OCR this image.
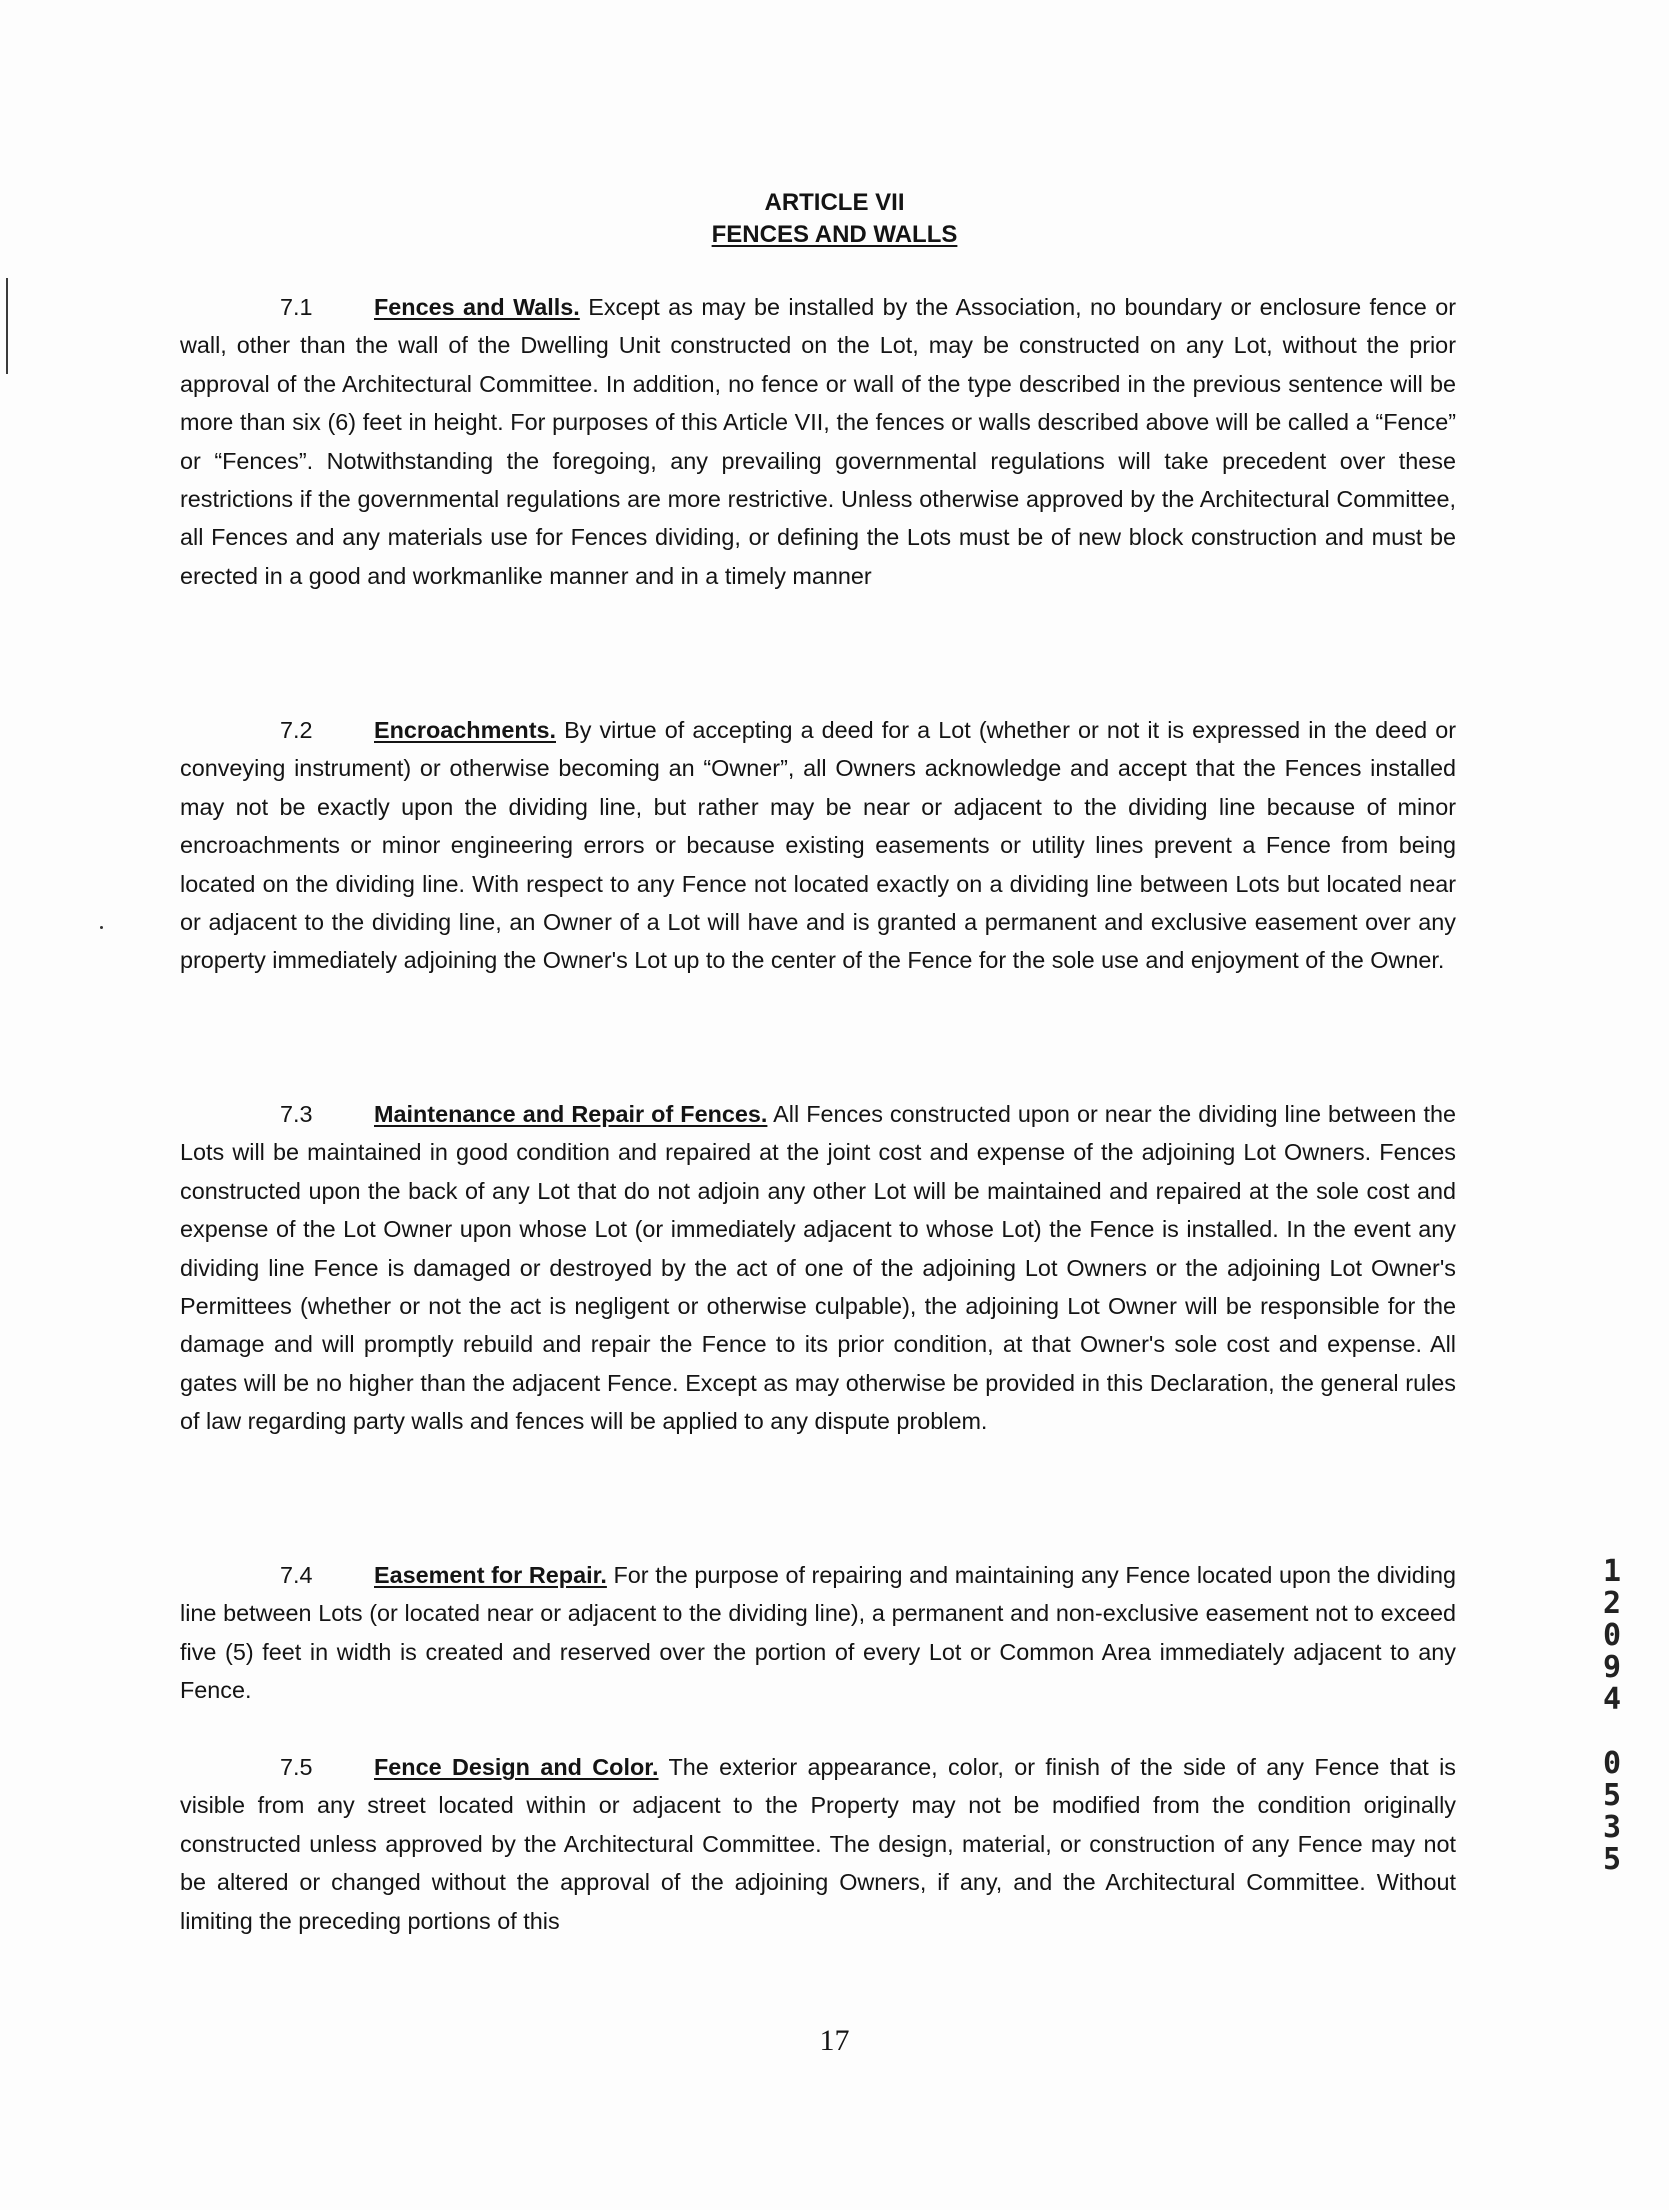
ARTICLE VII
FENCES AND WALLS

7.1	Fences and Walls. Except as may be installed by the Association, no boundary or enclosure fence or wall, other than the wall of the Dwelling Unit constructed on the Lot, may be constructed on any Lot, without the prior approval of the Architectural Committee. In addition, no fence or wall of the type described in the previous sentence will be more than six (6) feet in height. For purposes of this Article VII, the fences or walls described above will be called a “Fence” or “Fences”. Notwithstanding the foregoing, any prevailing governmental regulations will take precedent over these restrictions if the governmental regulations are more restrictive. Unless otherwise approved by the Architectural Committee, all Fences and any materials use for Fences dividing, or defining the Lots must be of new block construction and must be erected in a good and workmanlike manner and in a timely manner

7.2	Encroachments. By virtue of accepting a deed for a Lot (whether or not it is expressed in the deed or conveying instrument) or otherwise becoming an “Owner”, all Owners acknowledge and accept that the Fences installed may not be exactly upon the dividing line, but rather may be near or adjacent to the dividing line because of minor encroachments or minor engineering errors or because existing easements or utility lines prevent a Fence from being located on the dividing line. With respect to any Fence not located exactly on a dividing line between Lots but located near or adjacent to the dividing line, an Owner of a Lot will have and is granted a permanent and exclusive easement over any property immediately adjoining the Owner's Lot up to the center of the Fence for the sole use and enjoyment of the Owner.

7.3	Maintenance and Repair of Fences. All Fences constructed upon or near the dividing line between the Lots will be maintained in good condition and repaired at the joint cost and expense of the adjoining Lot Owners. Fences constructed upon the back of any Lot that do not adjoin any other Lot will be maintained and repaired at the sole cost and expense of the Lot Owner upon whose Lot (or immediately adjacent to whose Lot) the Fence is installed. In the event any dividing line Fence is damaged or destroyed by the act of one of the adjoining Lot Owners or the adjoining Lot Owner's Permittees (whether or not the act is negligent or otherwise culpable), the adjoining Lot Owner will be responsible for the damage and will promptly rebuild and repair the Fence to its prior condition, at that Owner's sole cost and expense. All gates will be no higher than the adjacent Fence. Except as may otherwise be provided in this Declaration, the general rules of law regarding party walls and fences will be applied to any dispute problem.

7.4	Easement for Repair. For the purpose of repairing and maintaining any Fence located upon the dividing line between Lots (or located near or adjacent to the dividing line), a permanent and non-exclusive easement not to exceed five (5) feet in width is created and reserved over the portion of every Lot or Common Area immediately adjacent to any Fence.

7.5	Fence Design and Color. The exterior appearance, color, or finish of the side of any Fence that is visible from any street located within or adjacent to the Property may not be modified from the condition originally constructed unless approved by the Architectural Committee. The design, material, or construction of any Fence may not be altered or changed without the approval of the adjoining Owners, if any, and the Architectural Committee. Without limiting the preceding portions of this

1
2
0
9
4
0
5
3
5
17
